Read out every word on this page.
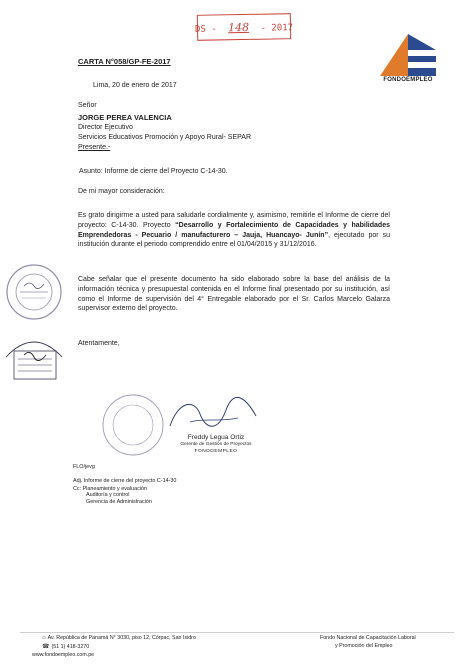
DS - 148 - 2017
FONDOEMPLEO
CARTA N°058/GP-FE-2017
Lima, 20 de enero de 2017
Señor
JORGE PEREA VALENCIA
Director Ejecutivo
Servicios Educativos Promoción y Apoyo Rural- SEPAR
Presente.-
Asunto: Informe de cierre del Proyecto C-14-30.
De mi mayor consideración:
Es grato dirigirme a usted para saludarle cordialmente y, asimismo, remitirle el Informe de cierre del proyecto: C-14-30. Proyecto “Desarrollo y Fortalecimiento de Capacidades y habilidades Emprendedoras - Pecuario / manufacturero – Jauja, Huancayo- Junín”, ejecutado por su institución durante el periodo comprendido entre el 01/04/2015 y 31/12/2016.
Cabe señalar que el presente documento ha sido elaborado sobre la base del análisis de la información técnica y presupuestal contenida en el Informe final presentado por su institución, así como el Informe de supervisión del 4° Entregable elaborado por el Sr. Carlos Marcelo Galarza supervisor externo del proyecto.
Atentamente,
Freddy Legua Ortiz
Gerente de Gestión de Proyectos
FONDOEMPLEO
FLO/jevg
Adj. Informe de cierre del proyecto C-14-30
Cc: Planeamiento y evaluación
Auditoría y control
Gerencia de Administración
⌂ Av. República de Panamá N° 3030, piso 12, Córpac, San Isidro
☎ (51 1) 418-3270
www.fondoempleo.com.pe
Fondo Nacional de Capacitación Laboral
y Promoción del Empleo
